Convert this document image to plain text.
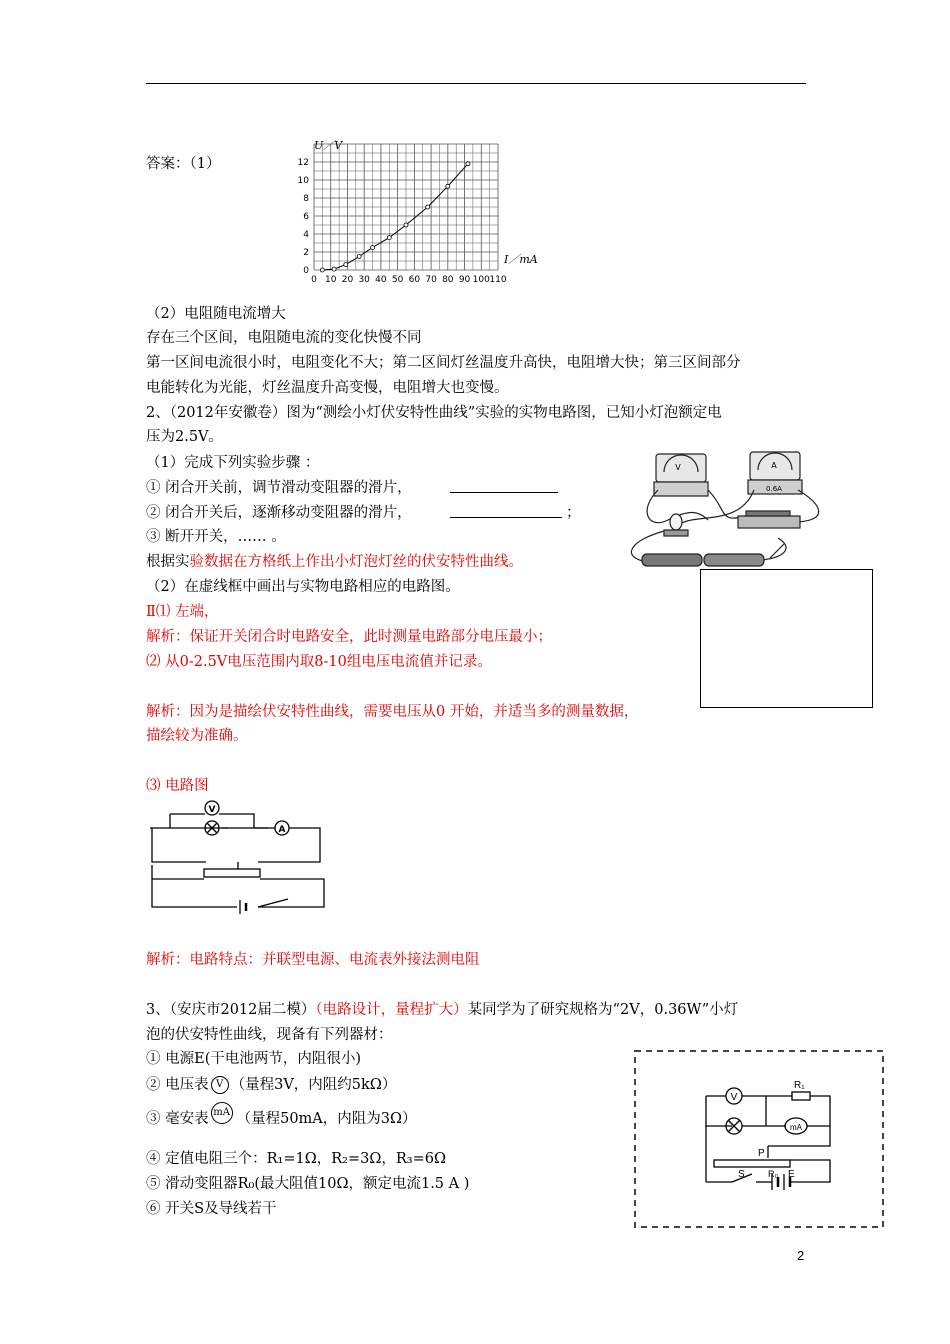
答案：（1）
0 10 20 30 40 50 60 70 80 90 100 110
0
2
4
6
8
10
12
U／V
I／mA
（2）电阻随电流增大
存在三个区间，电阻随电流的变化快慢不同
第一区间电流很小时，电阻变化不大；第二区间灯丝温度升高快，电阻增大快；第三区间部分
电能转化为光能，灯丝温度升高变慢，电阻增大也变慢。
2、（2012年安徽卷）图为“测绘小灯伏安特性曲线”实验的实物电路图，已知小灯泡额定电
压为2.5V。
（1）完成下列实验步骤 ：
① 闭合开关前，调节滑动变阻器的滑片，
② 闭合开关后，逐渐移动变阻器的滑片，	；
③ 断开开关，…… 。
根据实验数据在方格纸上作出小灯泡灯丝的伏安特性曲线。
（2）在虚线框中画出与实物电路相应的电路图。
Ⅱ⑴ 左端，
解析：保证开关闭合时电路安全，此时测量电路部分电压最小；
⑵ 从0-2.5V电压范围内取8-10组电压电流值并记录。
解析：因为是描绘伏安特性曲线，需要电压从0 开始，并适当多的测量数据，
描绘较为准确。
⑶ 电路图
V	A
0.6A
V
A
解析：电路特点：并联型电源、电流表外接法测电阻
3、（安庆市2012届二模）（电路设计，量程扩大）某同学为了研究规格为“2V，0.36W”小灯
泡的伏安特性曲线，现备有下列器材：
① 电源E(干电池两节，内阻很小)
② 电压表 V （量程3V，内阻约5kΩ）
③ 毫安表 mA （量程50mA，内阻为3Ω）
④ 定值电阻三个：R₁=1Ω，R₂=3Ω，R₃=6Ω
⑤ 滑动变阻器R₀(最大阻值10Ω，额定电流1.5 A )
⑥ 开关S及导线若干
V
mA
R₁
P
R₀
S	E
2
